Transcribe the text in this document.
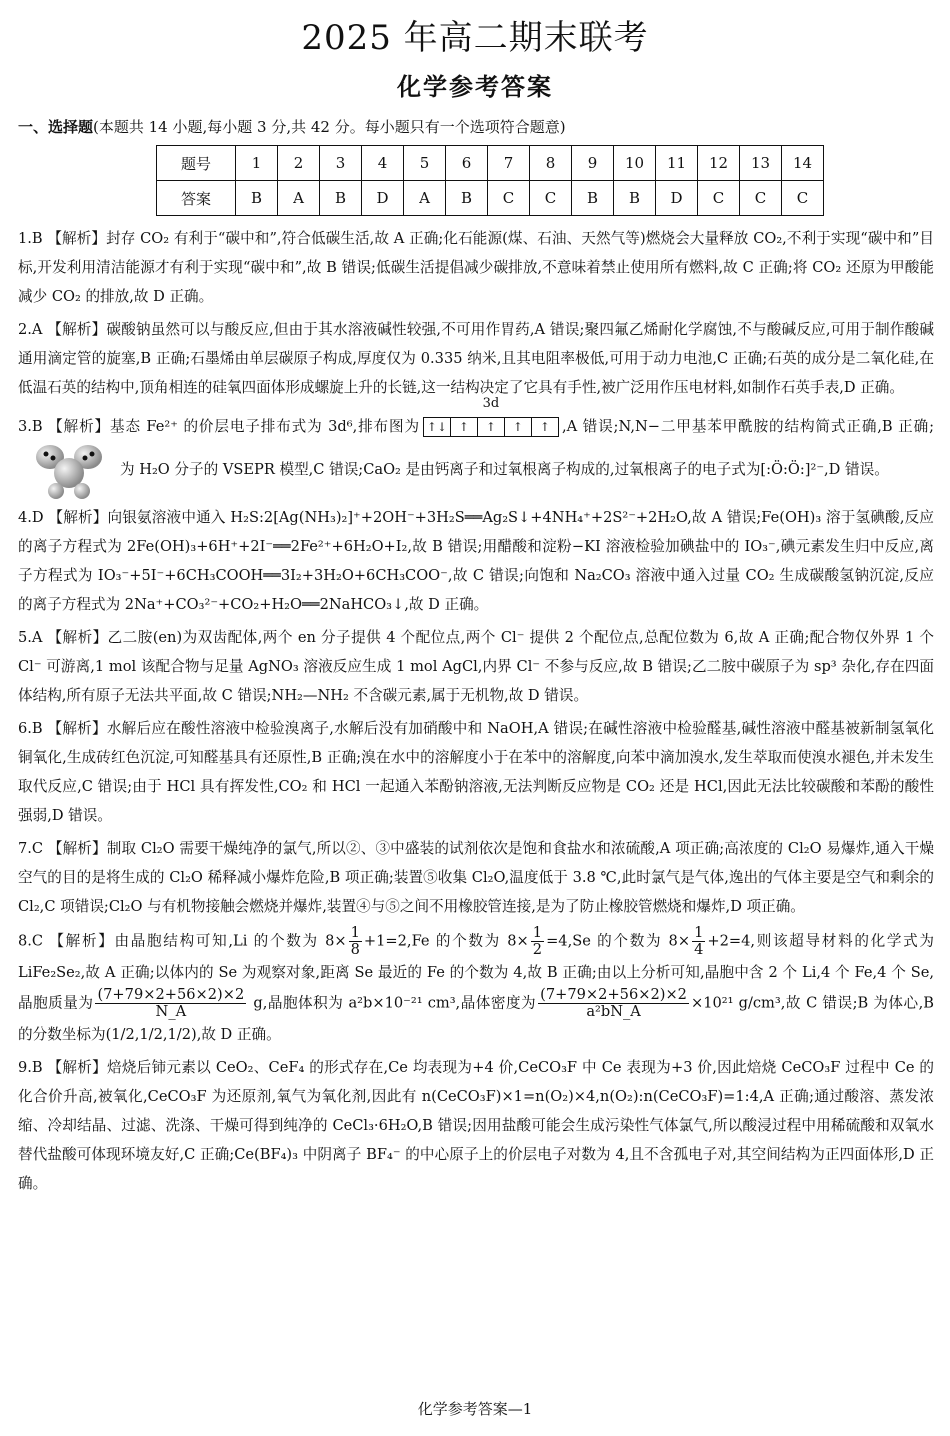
2025 年高二期末联考
化学参考答案
一、选择题(本题共 14 小题,每小题 3 分,共 42 分。每小题只有一个选项符合题意)
题号	1	2	3	4	5	6	7	8	9	10	11	12	13	14
答案	B	A	B	D	A	B	C	C	B	B	D	C	C	C
1.B 【解析】封存 CO₂ 有利于“碳中和”,符合低碳生活,故 A 正确;化石能源(煤、石油、天然气等)燃烧会大量释放 CO₂,不利于实现“碳中和”目标,开发利用清洁能源才有利于实现“碳中和”,故 B 错误;低碳生活提倡减少碳排放,不意味着禁止使用所有燃料,故 C 正确;将 CO₂ 还原为甲酸能减少 CO₂ 的排放,故 D 正确。
2.A 【解析】碳酸钠虽然可以与酸反应,但由于其水溶液碱性较强,不可用作胃药,A 错误;聚四氟乙烯耐化学腐蚀,不与酸碱反应,可用于制作酸碱通用滴定管的旋塞,B 正确;石墨烯由单层碳原子构成,厚度仅为 0.335 纳米,且其电阻率极低,可用于动力电池,C 正确;石英的成分是二氧化硅,在低温石英的结构中,顶角相连的硅氧四面体形成螺旋上升的长链,这一结构决定了它具有手性,被广泛用作压电材料,如制作石英手表,D 正确。
3.B 【解析】基态 Fe²⁺ 的价层电子排布式为 3d⁶,排布图为
3d
↑↓ ↑	↑	↑	↑ ,A 错误;N,N−二甲基苯甲酰胺的结构简式正确,B 正确;为 H₂O 分子的 VSEPR 模型,C 错误;CaO₂ 是由钙离子和过氧根离子构成的,过氧根离子的电子式为[:Ö:Ö:]²⁻,D 错误。
4.D 【解析】向银氨溶液中通入 H₂S:2[Ag(NH₃)₂]⁺+2OH⁻+3H₂S══Ag₂S↓+4NH₄⁺+2S²⁻+2H₂O,故 A 错误;Fe(OH)₃ 溶于氢碘酸,反应的离子方程式为 2Fe(OH)₃+6H⁺+2I⁻══2Fe²⁺+6H₂O+I₂,故 B 错误;用醋酸和淀粉−KI 溶液检验加碘盐中的 IO₃⁻,碘元素发生归中反应,离子方程式为 IO₃⁻+5I⁻+6CH₃COOH══3I₂+3H₂O+6CH₃COO⁻,故 C 错误;向饱和 Na₂CO₃ 溶液中通入过量 CO₂ 生成碳酸氢钠沉淀,反应的离子方程式为 2Na⁺+CO₃²⁻+CO₂+H₂O══2NaHCO₃↓,故 D 正确。
5.A 【解析】乙二胺(en)为双齿配体,两个 en 分子提供 4 个配位点,两个 Cl⁻ 提供 2 个配位点,总配位数为 6,故 A 正确;配合物仅外界 1 个 Cl⁻ 可游离,1 mol 该配合物与足量 AgNO₃ 溶液反应生成 1 mol AgCl,内界 Cl⁻ 不参与反应,故 B 错误;乙二胺中碳原子为 sp³ 杂化,存在四面体结构,所有原子无法共平面,故 C 错误;NH₂—NH₂ 不含碳元素,属于无机物,故 D 错误。
6.B 【解析】水解后应在酸性溶液中检验溴离子,水解后没有加硝酸中和 NaOH,A 错误;在碱性溶液中检验醛基,碱性溶液中醛基被新制氢氧化铜氧化,生成砖红色沉淀,可知醛基具有还原性,B 正确;溴在水中的溶解度小于在苯中的溶解度,向苯中滴加溴水,发生萃取而使溴水褪色,并未发生取代反应,C 错误;由于 HCl 具有挥发性,CO₂ 和 HCl 一起通入苯酚钠溶液,无法判断反应物是 CO₂ 还是 HCl,因此无法比较碳酸和苯酚的酸性强弱,D 错误。
7.C 【解析】制取 Cl₂O 需要干燥纯净的氯气,所以②、③中盛装的试剂依次是饱和食盐水和浓硫酸,A 项正确;高浓度的 Cl₂O 易爆炸,通入干燥空气的目的是将生成的 Cl₂O 稀释减小爆炸危险,B 项正确;装置⑤收集 Cl₂O,温度低于 3.8 ℃,此时氯气是气体,逸出的气体主要是空气和剩余的 Cl₂,C 项错误;Cl₂O 与有机物接触会燃烧并爆炸,装置④与⑤之间不用橡胶管连接,是为了防止橡胶管燃烧和爆炸,D 项正确。
8.C 【解析】由晶胞结构可知,Li 的个数为 $8\times \frac{1}{8} +1=2,Fe$ 的个数为 $8\times \frac{1}{2} =4,Se$ 的个数为 $8\times \frac{1}{4} +2=4$,则该超导材料的化学式为 LiFe₂Se₂,故 A 正确;以体内的 Se 为观察对象,距离 Se 最近的 Fe 的个数为 4,故 B 正确;由以上分析可知,晶胞中含 2 个 Li,4 个 Fe,4 个 Se,晶胞质量为 $\frac{(7+79\times 2+56\times 2)\times 2}{N\_A} g$,晶胞体积为 a²b×10⁻²¹ cm³,晶体密度为 $\frac{(7+79\times 2+56\times 2)\times 2}{\text{a²bN\_A}} \times 10^{21}$ g/cm³,故 C 错误;B 为体心,B 的分数坐标为(1/2,1/2,1/2),故 D 正确。
9.B 【解析】焙烧后铈元素以 CeO₂、CeF₄ 的形式存在,Ce 均表现为+4 价,CeCO₃F 中 Ce 表现为+3 价,因此焙烧 CeCO₃F 过程中 Ce 的化合价升高,被氧化,CeCO₃F 为还原剂,氧气为氧化剂,因此有 n(CeCO₃F)×1=n(O₂)×4,n(O₂):n(CeCO₃F)=1:4,A 正确;通过酸溶、蒸发浓缩、冷却结晶、过滤、洗涤、干燥可得到纯净的 CeCl₃·6H₂O,B 错误;因用盐酸可能会生成污染性气体氯气,所以酸浸过程中用稀硫酸和双氧水替代盐酸可体现环境友好,C 正确;Ce(BF₄)₃ 中阴离子 BF₄⁻ 的中心原子上的价层电子对数为 4,且不含孤电子对,其空间结构为正四面体形,D 正确。
化学参考答案—1
